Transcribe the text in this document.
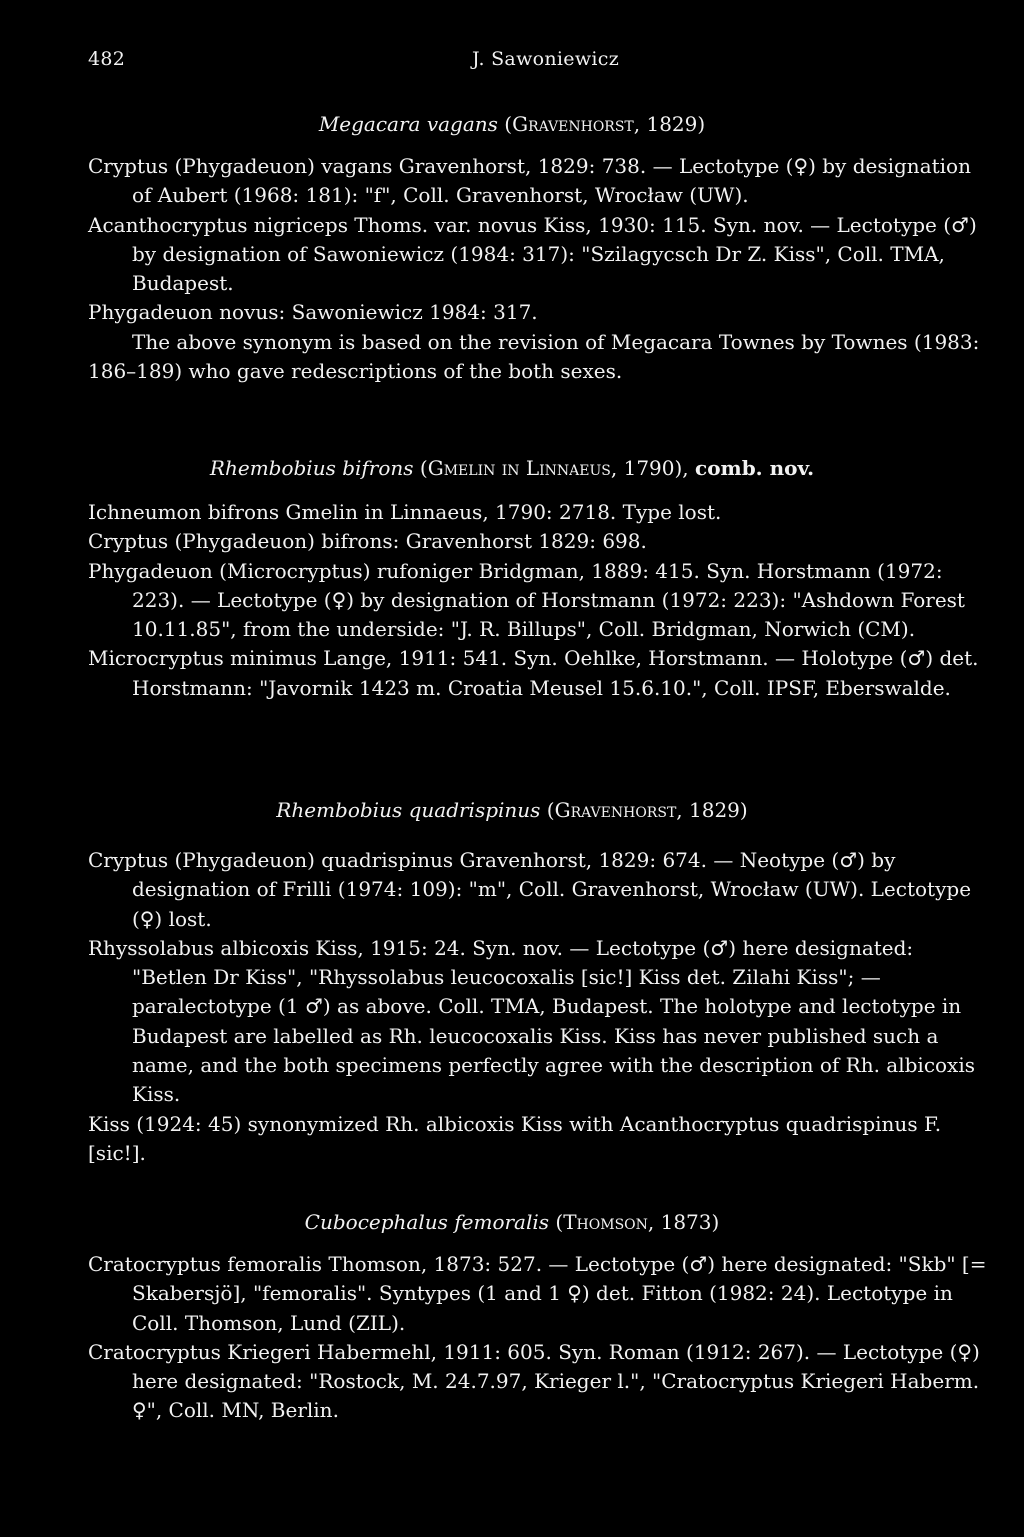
482	J. Sawoniewicz
Megacara vagans (Gravenhorst, 1829)

Cryptus (Phygadeuon) vagans Gravenhorst, 1829: 738. — Lectotype (♀) by designation of Aubert (1968: 181): "f", Coll. Gravenhorst, Wrocław (UW).

Acanthocryptus nigriceps Thoms. var. novus Kiss, 1930: 115. Syn. nov. — Lectotype (♂) by designation of Sawoniewicz (1984: 317): "Szilagycsch Dr Z. Kiss", Coll. TMA, Budapest.

Phygadeuon novus: Sawoniewicz 1984: 317.

The above synonym is based on the revision of Megacara Townes by Townes (1983: 186–189) who gave redescriptions of the both sexes.

Rhembobius bifrons (Gmelin in Linnaeus, 1790), comb. nov.

Ichneumon bifrons Gmelin in Linnaeus, 1790: 2718. Type lost.

Cryptus (Phygadeuon) bifrons: Gravenhorst 1829: 698.

Phygadeuon (Microcryptus) rufoniger Bridgman, 1889: 415. Syn. Horstmann (1972: 223). — Lectotype (♀) by designation of Horstmann (1972: 223): "Ashdown Forest 10.11.85", from the underside: "J. R. Billups", Coll. Bridgman, Norwich (CM).

Microcryptus minimus Lange, 1911: 541. Syn. Oehlke, Horstmann. — Holotype (♂) det. Horstmann: "Javornik 1423 m. Croatia Meusel 15.6.10.", Coll. IPSF, Eberswalde.

Rhembobius quadrispinus (Gravenhorst, 1829)

Cryptus (Phygadeuon) quadrispinus Gravenhorst, 1829: 674. — Neotype (♂) by designation of Frilli (1974: 109): "m", Coll. Gravenhorst, Wrocław (UW). Lectotype (♀) lost.

Rhyssolabus albicoxis Kiss, 1915: 24. Syn. nov. — Lectotype (♂) here designated: "Betlen Dr Kiss", "Rhyssolabus leucocoxalis [sic!] Kiss det. Zilahi Kiss"; — paralectotype (1 ♂) as above. Coll. TMA, Budapest. The holotype and lectotype in Budapest are labelled as Rh. leucocoxalis Kiss. Kiss has never published such a name, and the both specimens perfectly agree with the description of Rh. albicoxis Kiss.

Kiss (1924: 45) synonymized Rh. albicoxis Kiss with Acanthocryptus quadrispinus F. [sic!].

Cubocephalus femoralis (Thomson, 1873)

Cratocryptus femoralis Thomson, 1873: 527. — Lectotype (♂) here designated: "Skb" [= Skabersjö], "femoralis". Syntypes (1 and 1 ♀) det. Fitton (1982: 24). Lectotype in Coll. Thomson, Lund (ZIL).

Cratocryptus Kriegeri Habermehl, 1911: 605. Syn. Roman (1912: 267). — Lectotype (♀) here designated: "Rostock, M. 24.7.97, Krieger l.", "Cratocryptus Kriegeri Haberm. ♀", Coll. MN, Berlin.
